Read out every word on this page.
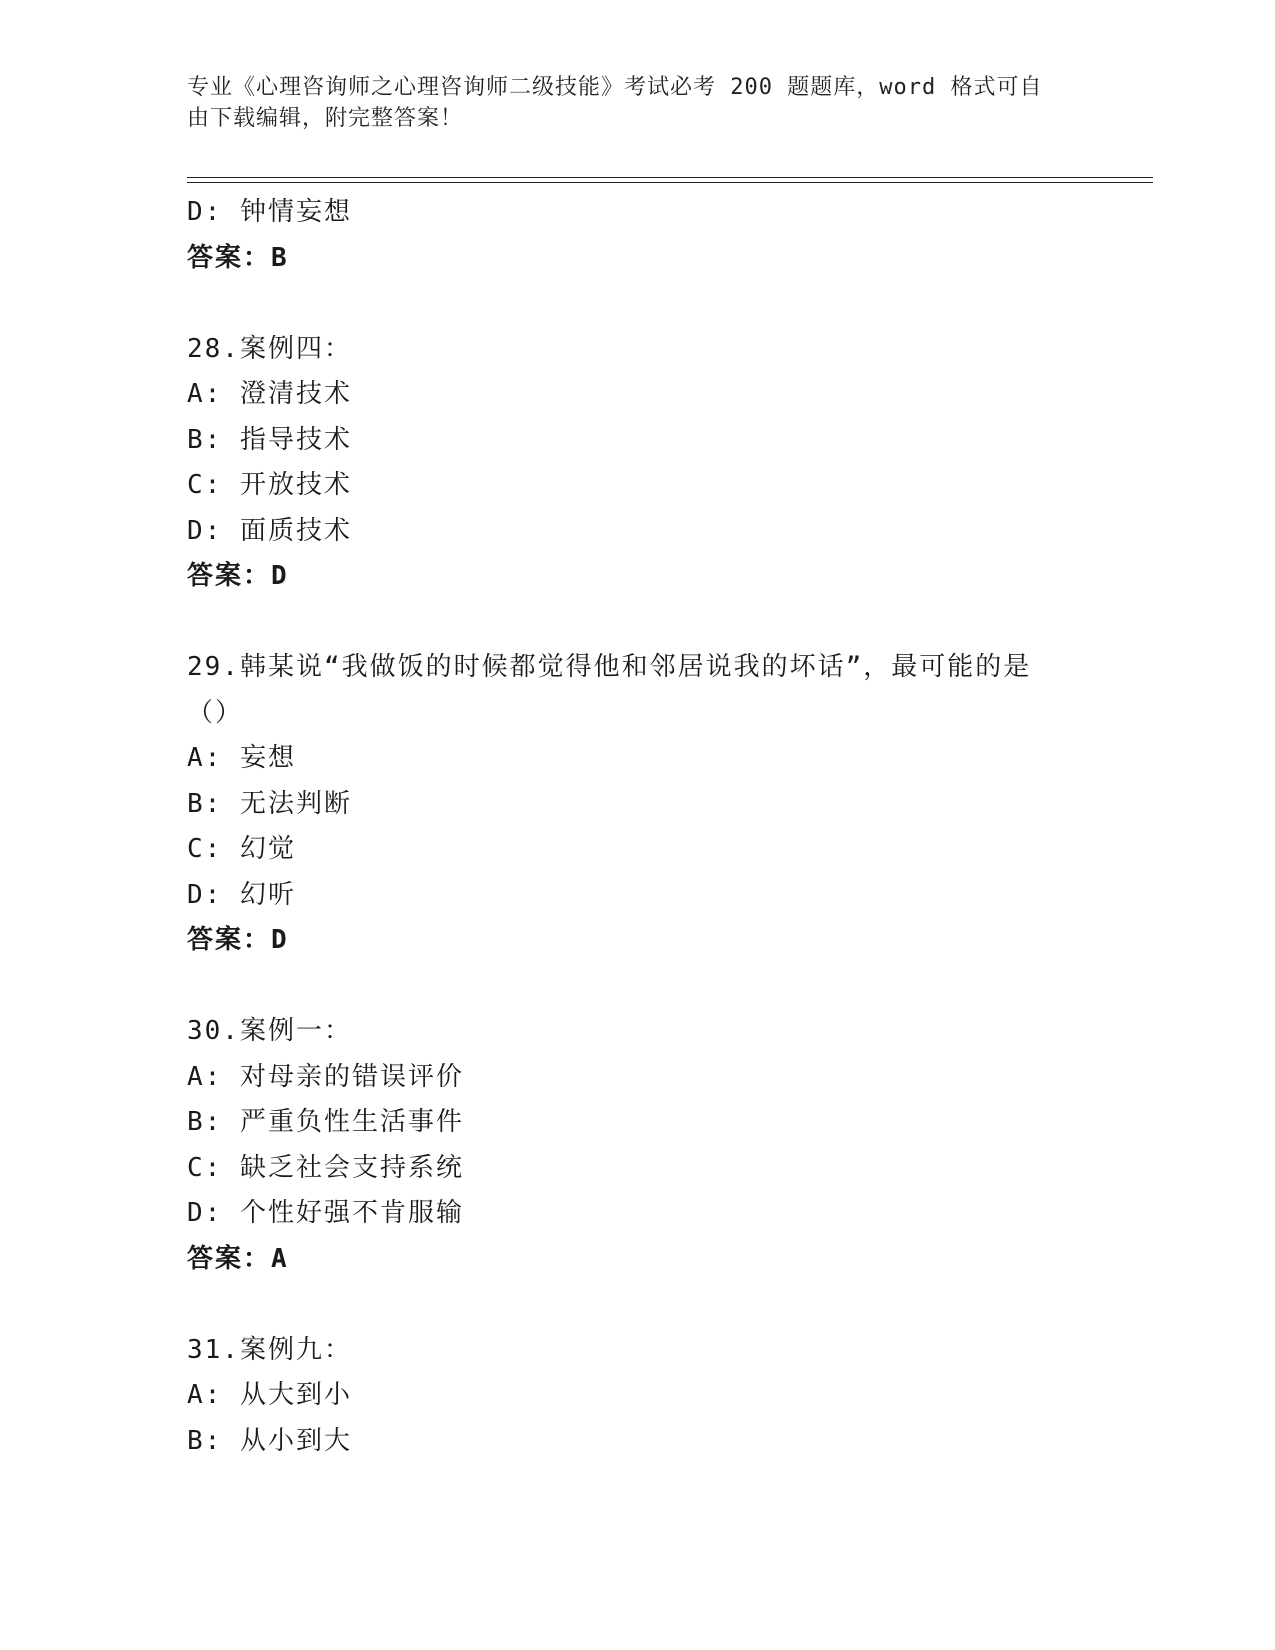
专业《心理咨询师之心理咨询师二级技能》考试必考 200 题题库，word 格式可自
由下载编辑，附完整答案！
D: 钟情妄想
答案：B
28.案例四：
A: 澄清技术
B: 指导技术
C: 开放技术
D: 面质技术
答案：D
29.韩某说“我做饭的时候都觉得他和邻居说我的坏话”，最可能的是
（）
A: 妄想
B: 无法判断
C: 幻觉
D: 幻听
答案：D
30.案例一：
A: 对母亲的错误评价
B: 严重负性生活事件
C: 缺乏社会支持系统
D: 个性好强不肯服输
答案：A
31.案例九：
A: 从大到小
B: 从小到大
